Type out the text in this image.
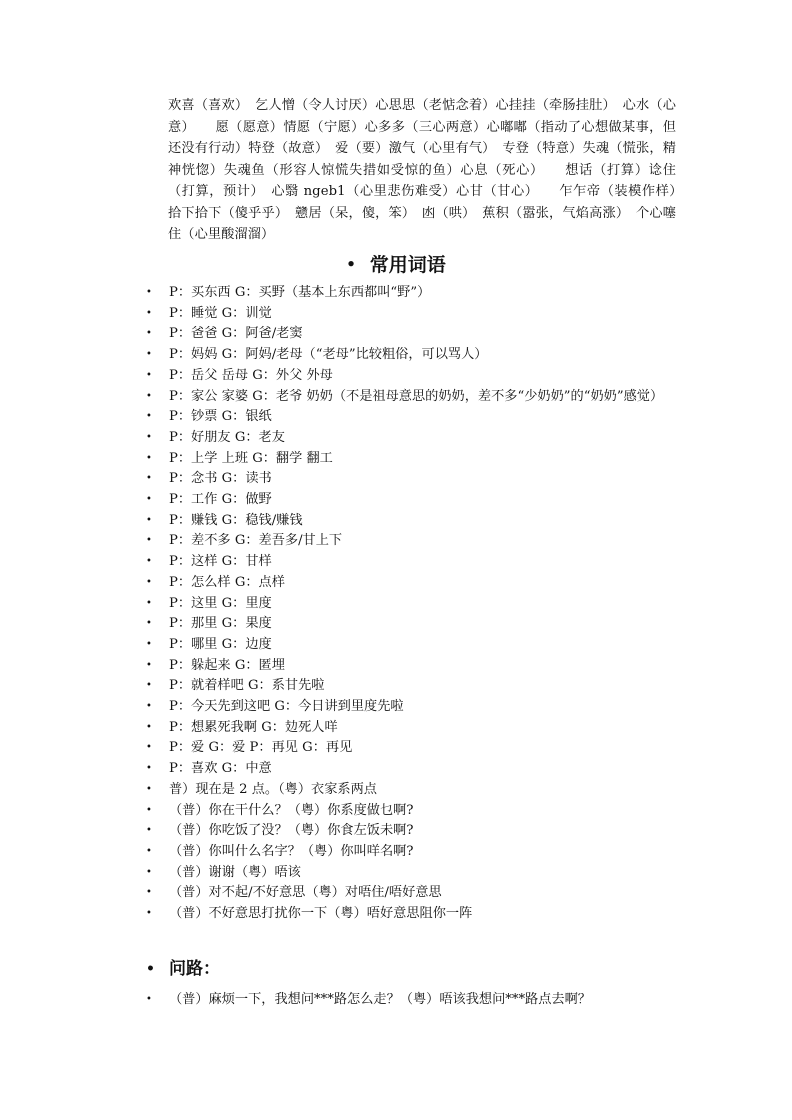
欢喜（喜欢）　乞人憎（令人讨厌）心思思（老惦念着）心挂挂（牵肠挂肚）　心水（心意）　　愿（愿意）情愿（宁愿）心多多（三心两意）心嘟嘟（指动了心想做某事，但还没有行动）特登（故意）　爱（要）激气（心里有气）　专登（特意）失魂（慌张，精神恍惚）失魂鱼（形容人惊慌失措如受惊的鱼）心息（死心）　　想话（打算）谂住（打算，预计）　心翳 ngeb1（心里悲伤难受）心甘（甘心）　　乍乍帝（装模作样）　拾下拾下（傻乎乎）　戆居（呆，傻，笨）　凼（哄）　蕉积（嚣张，气焰高涨）　个心噻住（心里酸溜溜）

• 常用词语
• P：买东西 G：买野（基本上东西都叫“野”）
• P：睡觉 G：训觉
• P：爸爸 G：阿爸/老窦
• P：妈妈 G：阿妈/老母（“老母”比较粗俗，可以骂人）
• P：岳父 岳母 G：外父 外母
• P：家公 家婆 G：老爷 奶奶（不是祖母意思的奶奶，差不多“少奶奶”的“奶奶”感觉）
• P：钞票 G：银纸
• P：好朋友 G：老友
• P：上学 上班 G：翻学 翻工
• P：念书 G：读书
• P：工作 G：做野
• P：赚钱 G：稳钱/赚钱
• P：差不多 G：差吾多/甘上下
• P：这样 G：甘样
• P：怎么样 G：点样
• P：这里 G：里度
• P：那里 G：果度
• P：哪里 G：边度
• P：躲起来 G：匿埋
• P：就着样吧 G：系甘先啦
• P：今天先到这吧 G：今日讲到里度先啦
• P：想累死我啊 G：攰死人咩
• P：爱 G：爱 P：再见 G：再见
• P：喜欢 G：中意
• 普）现在是 2 点。（粤）衣家系两点
• （普）你在干什么？（粤）你系度做乜啊?
• （普）你吃饭了没？（粤）你食左饭未啊?
• （普）你叫什么名字？（粤）你叫咩名啊?
• （普）谢谢（粤）唔该
• （普）对不起/不好意思（粤）对唔住/唔好意思
• （普）不好意思打扰你一下（粤）唔好意思阻你一阵
• 问路：
• （普）麻烦一下，我想问***路怎么走？（粤）唔该我想问***路点去啊？
